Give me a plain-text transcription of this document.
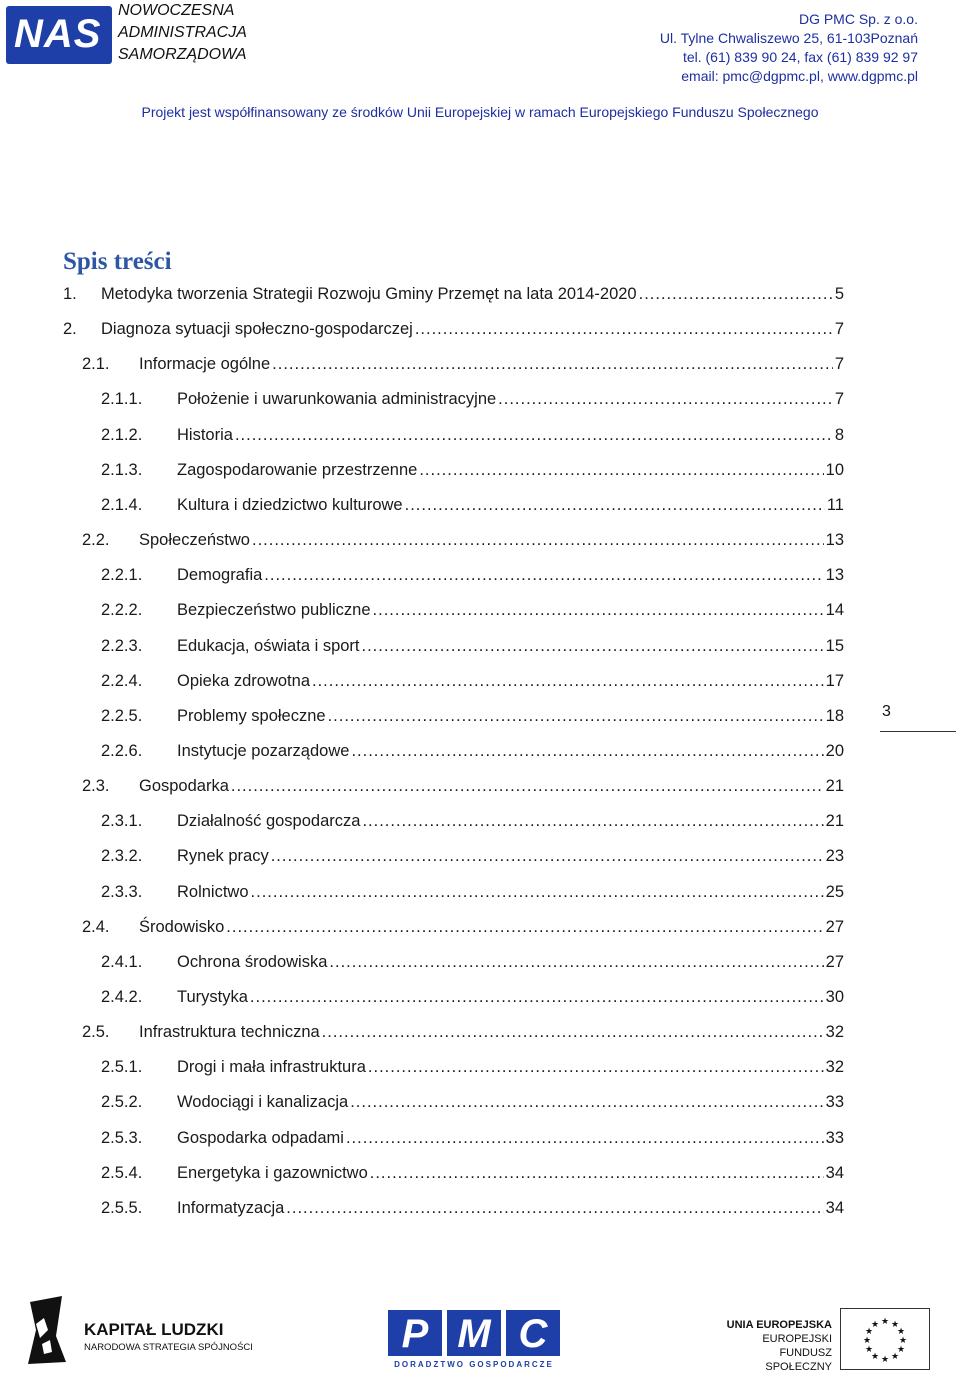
NAS
NOWOCZESNA
ADMINISTRACJA
SAMORZĄDOWA
DG PMC Sp. z o.o.
Ul. Tylne Chwaliszewo 25, 61-103Poznań
tel. (61) 839 90 24, fax (61) 839 92 97
email: pmc@dgpmc.pl, www.dgpmc.pl
Projekt jest współfinansowany ze środków Unii Europejskiej w ramach Europejskiego Funduszu Społecznego
Spis treści
1.	Metodyka tworzenia Strategii Rozwoju Gminy Przemęt na lata 2014-2020 .....	5
2.	Diagnoza sytuacji społeczno-gospodarczej .....	7
2.1.	Informacje ogólne .....	7
2.1.1.	Położenie i uwarunkowania administracyjne .....	7
2.1.2.	Historia .....	8
2.1.3.	Zagospodarowanie przestrzenne .....	10
2.1.4.	Kultura i dziedzictwo kulturowe .....	11
2.2.	Społeczeństwo .....	13
2.2.1.	Demografia .....	13
2.2.2.	Bezpieczeństwo publiczne .....	14
2.2.3.	Edukacja, oświata i sport .....	15
2.2.4.	Opieka zdrowotna .....	17
2.2.5.	Problemy społeczne .....	18
2.2.6.	Instytucje pozarządowe .....	20
2.3.	Gospodarka .....	21
2.3.1.	Działalność gospodarcza .....	21
2.3.2.	Rynek pracy .....	23
2.3.3.	Rolnictwo .....	25
2.4.	Środowisko .....	27
2.4.1.	Ochrona środowiska .....	27
2.4.2.	Turystyka .....	30
2.5.	Infrastruktura techniczna .....	32
2.5.1.	Drogi i mała infrastruktura .....	32
2.5.2.	Wodociągi i kanalizacja .....	33
2.5.3.	Gospodarka odpadami .....	33
2.5.4.	Energetyka i gazownictwo .....	34
2.5.5.	Informatyzacja .....	34
3
KAPITAŁ LUDZKI
NARODOWA STRATEGIA SPÓJNOŚCI	P M C
DORADZTWO GOSPODARCZE
UNIA EUROPEJSKA
EUROPEJSKI
FUNDUSZ SPOŁECZNY
★ ★
★
★
★
★
★
★
★
★
★
★
